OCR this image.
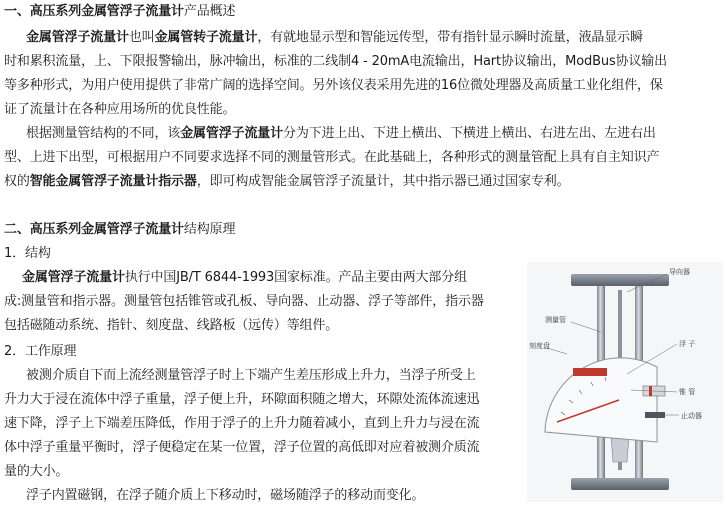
一、高压系列金属管浮子流量计产品概述
金属管浮子流量计也叫金属管转子流量计，有就地显示型和智能远传型，带有指针显示瞬时流量，液晶显示瞬
时和累积流量，上、下限报警输出，脉冲输出，标准的二线制4 - 20mA电流输出，Hart协议输出，ModBus协议输出
等多种形式，为用户使用提供了非常广阔的选择空间。另外该仪表采用先进的16位微处理器及高质量工业化组件，保
证了流量计在各种应用场所的优良性能。
根据测量管结构的不同，该金属管浮子流量计分为下进上出、下进上横出、下横进上横出、右进左出、左进右出
型、上进下出型，可根据用户不同要求选择不同的测量管形式。在此基础上，各种形式的测量管配上具有自主知识产
权的智能金属管浮子流量计指示器，即可构成智能金属管浮子流量计，其中指示器已通过国家专利。
二、高压系列金属管浮子流量计结构原理
1．结构
金属管浮子流量计执行中国JB/T 6844-1993国家标准。产品主要由两大部分组
成:测量管和指示器。测量管包括锥管或孔板、导向器、止动器、浮子等部件，指示器
包括磁随动系统、指针、刻度盘、线路板（远传）等组件。
2．工作原理
被测介质自下而上流经测量管浮子时上下端产生差压形成上升力，当浮子所受上
升力大于浸在流体中浮子重量，浮子便上升，环隙面积随之增大，环隙处流体流速迅
速下降，浮子上下端差压降低，作用于浮子的上升力随着减小，直到上升力与浸在流
体中浮子重量平衡时，浮子便稳定在某一位置，浮子位置的高低即对应着被测介质流
量的大小。
浮子内置磁钢，在浮子随介质上下移动时，磁场随浮子的移动而变化。
导向器
测量管
刻度盘	浮 子
锥 管
止动器
